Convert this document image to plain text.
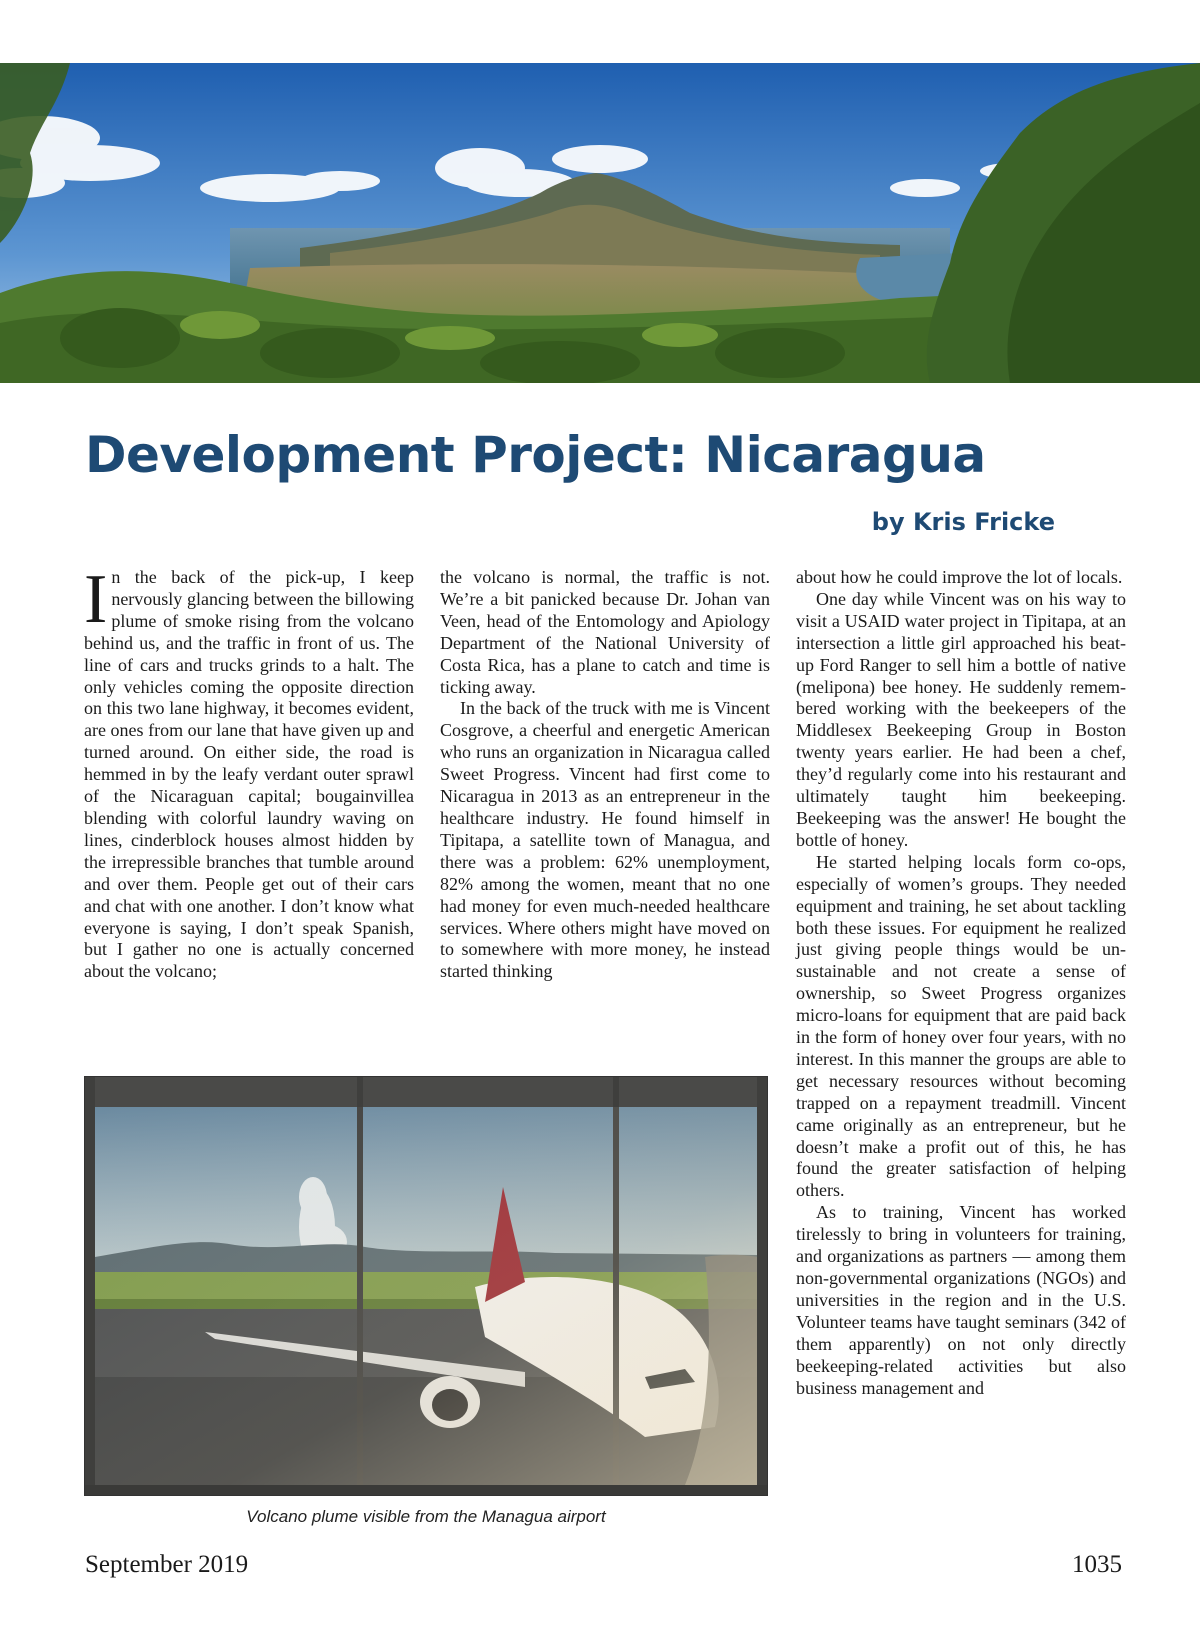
Development Project: Nicaragua

by Kris Fricke

In the back of the pick-up, I keep nervously glancing between the billowing plume of smoke rising from the volcano behind us, and the traffic in front of us. The line of cars and trucks grinds to a halt. The only vehicles coming the opposite direction on this two lane highway, it becomes evident, are ones from our lane that have given up and turned around. On either side, the road is hemmed in by the leafy verdant outer sprawl of the Nicaraguan capital; bougainvillea blending with colorful laundry waving on lines, cinderblock houses almost hidden by the irrepressible branches that tumble around and over them. People get out of their cars and chat with one another. I don’t know what everyone is saying, I don’t speak Spanish, but I gather no one is actually concerned about the volcano;

the volcano is normal, the traffic is not. We’re a bit panicked because Dr. Johan van Veen, head of the Entomology and Apiology Department of the National University of Costa Rica, has a plane to catch and time is ticking away.

In the back of the truck with me is Vincent Cosgrove, a cheerful and energetic American who runs an organization in Nicaragua called Sweet Progress. Vincent had first come to Nicaragua in 2013 as an entrepreneur in the healthcare industry. He found himself in Tipitapa, a satellite town of Managua, and there was a problem: 62% unemployment, 82% among the women, meant that no one had money for even much-needed healthcare services. Where others might have moved on to somewhere with more money, he instead started thinking

about how he could improve the lot of locals.

One day while Vincent was on his way to visit a USAID water project in Tipitapa, at an intersection a little girl approached his beat-up Ford Ranger to sell him a bottle of native (melipona) bee honey. He suddenly remembered working with the beekeepers of the Middlesex Beekeeping Group in Boston twenty years earlier. He had been a chef, they’d regularly come into his restaurant and ultimately taught him beekeeping. Beekeeping was the answer! He bought the bottle of honey.

He started helping locals form co-ops, especially of women’s groups. They needed equipment and training, he set about tackling both these issues. For equipment he realized just giving people things would be unsustainable and not create a sense of ownership, so Sweet Progress organizes micro-loans for equipment that are paid back in the form of honey over four years, with no interest. In this manner the groups are able to get necessary resources without becoming trapped on a repayment treadmill. Vincent came originally as an entrepreneur, but he doesn’t make a profit out of this, he has found the greater satisfaction of helping others.

As to training, Vincent has worked tirelessly to bring in volunteers for training, and organizations as partners — among them non-governmental organizations (NGOs) and universities in the region and in the U.S. Volunteer teams have taught seminars (342 of them apparently) on not only directly beekeeping-related activities but also business management and

Volcano plume visible from the Managua airport

September 2019	1035
